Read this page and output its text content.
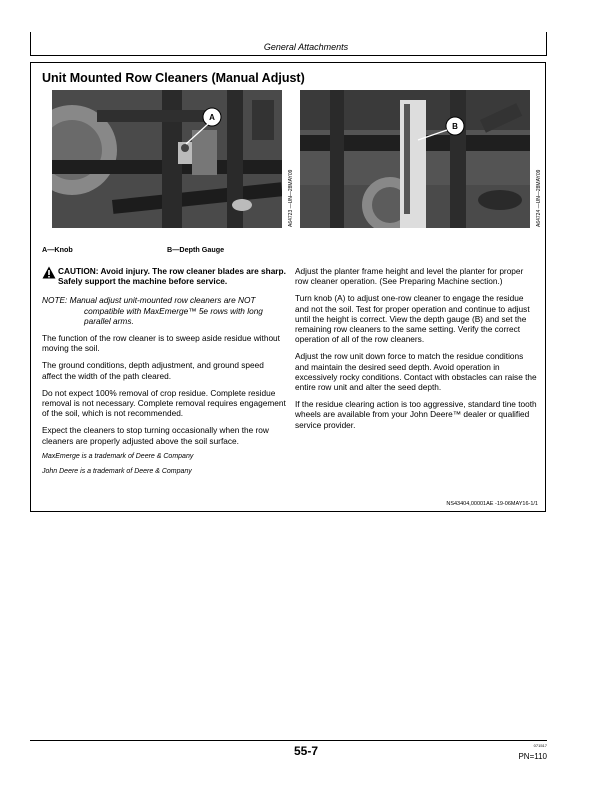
General Attachments
Unit Mounted Row Cleaners (Manual Adjust)
A
A64723 —UN—28MAY09
B
A64724 —UN—28MAY09
A—Knob	B—Depth Gauge
CAUTION: Avoid injury. The row cleaner blades are sharp. Safely support the machine before service.

NOTE: Manual adjust unit-mounted row cleaners are NOT compatible with MaxEmerge™ 5e rows with long parallel arms.

The function of the row cleaner is to sweep aside residue without moving the soil.

The ground conditions, depth adjustment, and ground speed affect the width of the path cleared.

Do not expect 100% removal of crop residue. Complete residue removal is not necessary. Complete removal requires engagement of the soil, which is not recommended.

Expect the cleaners to stop turning occasionally when the row cleaners are properly adjusted above the soil surface.

MaxEmerge is a trademark of Deere & Company

John Deere is a trademark of Deere & Company

Adjust the planter frame height and level the planter for proper row cleaner operation. (See Preparing Machine section.)

Turn knob (A) to adjust one-row cleaner to engage the residue and not the soil. Test for proper operation and continue to adjust until the height is correct. View the depth gauge (B) and set the remaining row cleaners to the same setting. Verify the correct operation of all of the row cleaners.

Adjust the row unit down force to match the residue conditions and maintain the desired seed depth. Avoid operation in excessively rocky conditions. Contact with obstacles can raise the entire row unit and alter the seed depth.

If the residue clearing action is too aggressive, standard tine tooth wheels are available from your John Deere™ dealer or qualified service provider.

NS43404,00001AE -19-06MAY16-1/1
55-7	071517
PN=110
